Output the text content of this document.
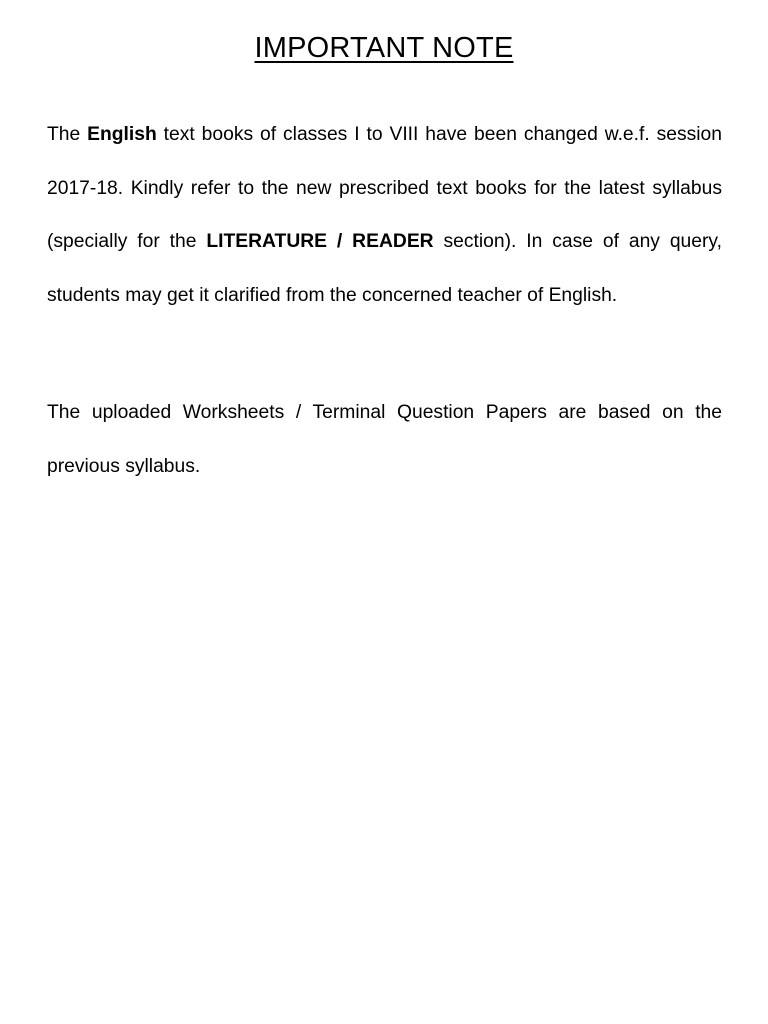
IMPORTANT NOTE

The English text books of classes I to VIII have been changed w.e.f. session 2017-18. Kindly refer to the new prescribed text books for the latest syllabus (specially for the LITERATURE / READER section). In case of any query, students may get it clarified from the concerned teacher of English.

The uploaded Worksheets / Terminal Question Papers are based on the previous syllabus.
